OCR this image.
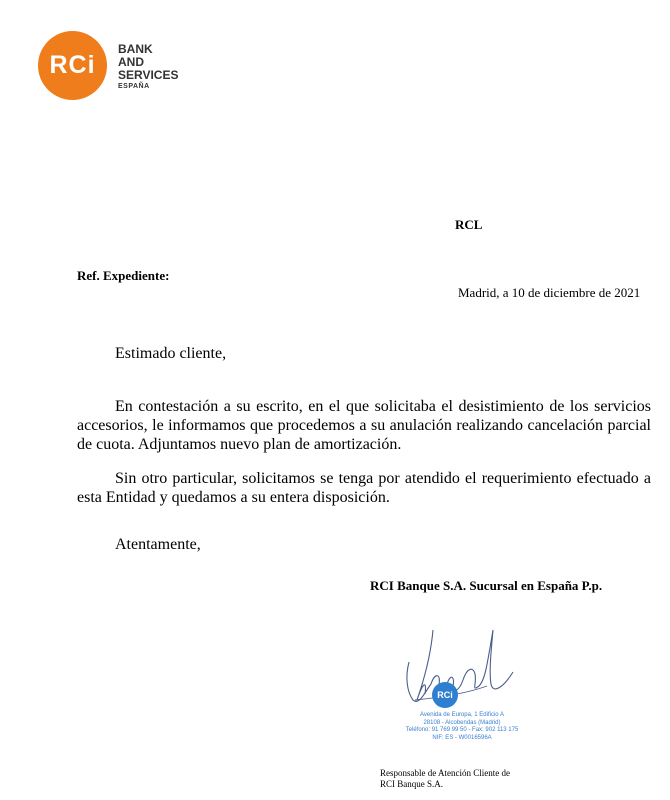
RCi
BANK
AND
SERVICES
ESPAÑA
RCL
Ref. Expediente:
Madrid, a 10 de diciembre de 2021
Estimado cliente,
En contestación a su escrito, en el que solicitaba el desistimiento de los servicios accesorios, le informamos que procedemos a su anulación realizando cancelación parcial de cuota. Adjuntamos nuevo plan de amortización.
Sin otro particular, solicitamos se tenga por atendido el requerimiento efectuado a esta Entidad y quedamos a su entera disposición.
Atentamente,
RCI Banque S.A. Sucursal en España P.p.
RCi
Avenida de Europa, 1 Edificio A
28108 - Alcobendas (Madrid)
Teléfono: 91 769 99 50 - Fax: 902 113 175
NIF: ES - W0016596A
Responsable de Atención Cliente de
RCI Banque S.A.
